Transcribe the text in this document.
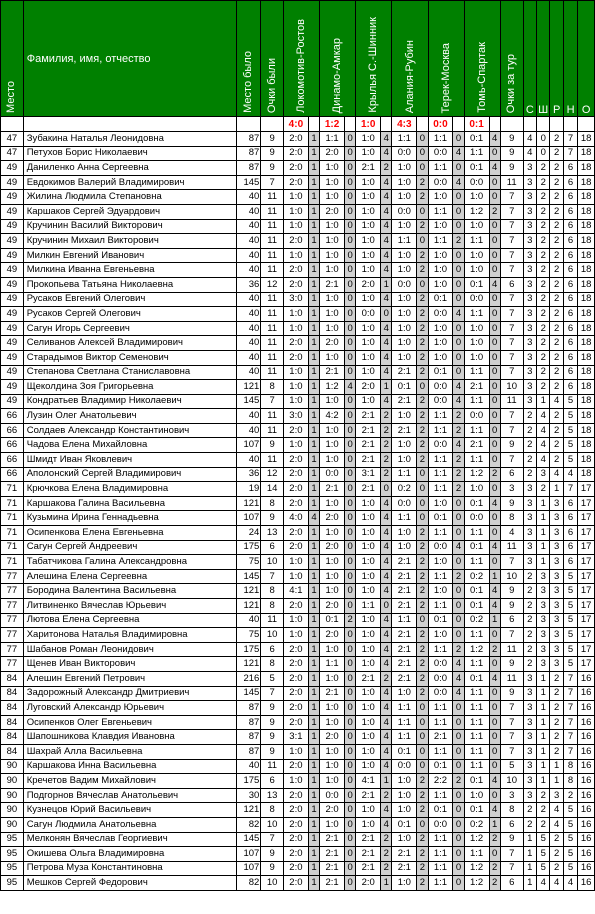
Место	Фамилия, имя, отчество	Место было	Очки были	Локомотив-Ростов		Динамо-Амкар		Крылья С.-Шинник		Алания-Рубин		Терек-Москва		Томь-Спартак		Очки за тур	С	Ш	Р	Н	О
				4:0		1:2		1:0		4:3		0:0		0:1							
47	Зубакина Наталья Леонидовна	87	9	2:0	1	1:1	0	1:0	4	1:1	0	1:1	0	0:1	4	9	4	0	2	7	18
47	Петухов Борис Николаевич	87	9	2:0	1	2:0	0	1:0	4	0:0	0	0:0	4	1:1	0	9	4	0	2	7	18
49	Даниленко Анна Сергеевна	87	9	2:0	1	1:0	0	2:1	2	1:0	0	1:1	0	0:1	4	9	3	2	2	6	18
49	Евдокимов Валерий Владимирович	145	7	2:0	1	1:0	0	1:0	4	1:0	2	0:0	4	0:0	0	11	3	2	2	6	18
49	Жилина Людмила Степановна	40	11	1:0	1	1:0	0	1:0	4	1:0	2	1:0	0	1:0	0	7	3	2	2	6	18
49	Каршаков Сергей Эдуардович	40	11	1:0	1	2:0	0	1:0	4	0:0	0	1:1	0	1:2	2	7	3	2	2	6	18
49	Кручинин Василий Викторович	40	11	1:0	1	1:0	0	1:0	4	1:0	2	1:0	0	1:0	0	7	3	2	2	6	18
49	Кручинин Михаил Викторович	40	11	2:0	1	1:0	0	1:0	4	1:1	0	1:1	2	1:1	0	7	3	2	2	6	18
49	Милкин Евгений Иванович	40	11	1:0	1	1:0	0	1:0	4	1:0	2	1:0	0	1:0	0	7	3	2	2	6	18
49	Милкина Иванна Евгеньевна	40	11	2:0	1	1:0	0	1:0	4	1:0	2	1:0	0	1:0	0	7	3	2	2	6	18
49	Прокопьева Татьяна Николаевна	36	12	2:0	1	2:1	0	2:0	1	0:0	0	1:0	0	0:1	4	6	3	2	2	6	18
49	Русаков Евгений Олегович	40	11	3:0	1	1:0	0	1:0	4	1:0	2	0:1	0	0:0	0	7	3	2	2	6	18
49	Русаков Сергей Олегович	40	11	1:0	1	1:0	0	0:0	0	1:0	2	0:0	4	1:1	0	7	3	2	2	6	18
49	Сагун Игорь Сергеевич	40	11	1:0	1	1:0	0	1:0	4	1:0	2	1:0	0	1:0	0	7	3	2	2	6	18
49	Селиванов Алексей Владимирович	40	11	2:0	1	2:0	0	1:0	4	1:0	2	1:0	0	1:0	0	7	3	2	2	6	18
49	Старадымов Виктор Семенович	40	11	2:0	1	1:0	0	1:0	4	1:0	2	1:0	0	1:0	0	7	3	2	2	6	18
49	Степанова Светлана Станиславовна	40	11	1:0	1	2:1	0	1:0	4	2:1	2	0:1	0	1:1	0	7	3	2	2	6	18
49	Щеколдина Зоя Григорьевна	121	8	1:0	1	1:2	4	2:0	1	0:1	0	0:0	4	2:1	0	10	3	2	2	6	18
49	Кондратьев Владимир Николаевич	145	7	1:0	1	1:0	0	1:0	4	2:1	2	0:0	4	1:1	0	11	3	1	4	5	18
66	Лузин Олег Анатольевич	40	11	3:0	1	4:2	0	2:1	2	1:0	2	1:1	2	0:0	0	7	2	4	2	5	18
66	Солдаев Александр Константинович	40	11	2:0	1	1:0	0	2:1	2	2:1	2	1:1	2	1:1	0	7	2	4	2	5	18
66	Чадова Елена Михайловна	107	9	1:0	1	1:0	0	2:1	2	1:0	2	0:0	4	2:1	0	9	2	4	2	5	18
66	Шмидт Иван Яковлевич	40	11	2:0	1	1:0	0	2:1	2	1:0	2	1:1	2	1:1	0	7	2	4	2	5	18
66	Аполонский Сергей Владимирович	36	12	2:0	1	0:0	0	3:1	2	1:1	0	1:1	2	1:2	2	6	2	3	4	4	18
71	Крючкова Елена Владимировна	19	14	2:0	1	2:1	0	2:1	0	0:2	0	1:1	2	1:0	0	3	3	2	1	7	17
71	Каршакова Галина Васильевна	121	8	2:0	1	1:0	0	1:0	4	0:0	0	1:0	0	0:1	4	9	3	1	3	6	17
71	Кузьмина Ирина Геннадьевна	107	9	4:0	4	2:0	0	1:0	4	1:1	0	0:1	0	0:0	0	8	3	1	3	6	17
71	Осипенкова Елена Евгеньевна	24	13	2:0	1	1:0	0	1:0	4	1:0	2	1:1	0	1:1	0	4	3	1	3	6	17
71	Сагун Сергей Андреевич	175	6	2:0	1	2:0	0	1:0	4	1:0	2	0:0	4	0:1	4	11	3	1	3	6	17
71	Табатчикова Галина Александровна	75	10	1:0	1	1:0	0	1:0	4	2:1	2	1:0	0	1:1	0	7	3	1	3	6	17
77	Алешина Елена Сергеевна	145	7	1:0	1	1:0	0	1:0	4	2:1	2	1:1	2	0:2	1	10	2	3	3	5	17
77	Бородина Валентина Васильевна	121	8	4:1	1	1:0	0	1:0	4	2:1	2	1:0	0	0:1	4	9	2	3	3	5	17
77	Литвиненко Вячеслав Юрьевич	121	8	2:0	1	2:0	0	1:1	0	2:1	2	1:1	0	0:1	4	9	2	3	3	5	17
77	Лютова Елена Сергеевна	40	11	1:0	1	0:1	2	1:0	4	1:1	0	0:1	0	0:2	1	6	2	3	3	5	17
77	Харитонова Наталья Владимировна	75	10	1:0	1	2:0	0	1:0	4	2:1	2	1:0	0	1:1	0	7	2	3	3	5	17
77	Шабанов Роман Леонидович	175	6	2:0	1	1:0	0	1:0	4	2:1	2	1:1	2	1:2	2	11	2	3	3	5	17
77	Щенев Иван Викторович	121	8	2:0	1	1:1	0	1:0	4	2:1	2	0:0	4	1:1	0	9	2	3	3	5	17
84	Алешин Евгений Петрович	216	5	2:0	1	1:0	0	2:1	2	2:1	2	0:0	4	0:1	4	11	3	1	2	7	16
84	Задорожный Александр Дмитриевич	145	7	2:0	1	2:1	0	1:0	4	1:0	2	0:0	4	1:1	0	9	3	1	2	7	16
84	Луговский Александр Юрьевич	87	9	2:0	1	1:0	0	1:0	4	1:1	0	1:1	0	1:1	0	7	3	1	2	7	16
84	Осипенков Олег Евгеньевич	87	9	2:0	1	1:0	0	1:0	4	1:1	0	1:1	0	1:1	0	7	3	1	2	7	16
84	Шапошникова Клавдия Ивановна	87	9	3:1	1	2:0	0	1:0	4	1:1	0	2:1	0	1:1	0	7	3	1	2	7	16
84	Шахрай Алла Васильевна	87	9	1:0	1	1:0	0	1:0	4	0:1	0	1:1	0	1:1	0	7	3	1	2	7	16
90	Каршакова Инна Васильевна	40	11	2:0	1	1:0	0	1:0	4	0:0	0	0:1	0	1:1	0	5	3	1	1	8	16
90	Кречетов Вадим Михайлович	175	6	1:0	1	1:0	0	4:1	1	1:0	2	2:2	2	0:1	4	10	3	1	1	8	16
90	Подгорнов Вячеслав Анатольевич	30	13	2:0	1	0:0	0	2:1	2	1:0	2	1:1	0	1:0	0	3	3	2	3	2	16
90	Кузнецов Юрий Васильевич	121	8	2:0	1	2:0	0	1:0	4	1:0	2	0:1	0	0:1	4	8	2	2	4	5	16
90	Сагун Людмила Анатольевна	82	10	2:0	1	1:0	0	1:0	4	0:1	0	0:0	0	0:2	1	6	2	2	4	5	16
95	Мелконян Вячеслав Георгиевич	145	7	2:0	1	2:1	0	2:1	2	1:0	2	1:1	0	1:2	2	9	1	5	2	5	16
95	Окишева Ольга Владимировна	107	9	2:0	1	2:1	0	2:1	2	2:1	2	1:1	0	1:1	0	7	1	5	2	5	16
95	Петрова Муза Константиновна	107	9	2:0	1	2:1	0	2:1	2	2:1	2	1:1	0	1:2	2	7	1	5	2	5	16
95	Мешков Сергей Федорович	82	10	2:0	1	2:1	0	2:0	1	1:0	2	1:1	0	1:2	2	6	1	4	4	4	16
